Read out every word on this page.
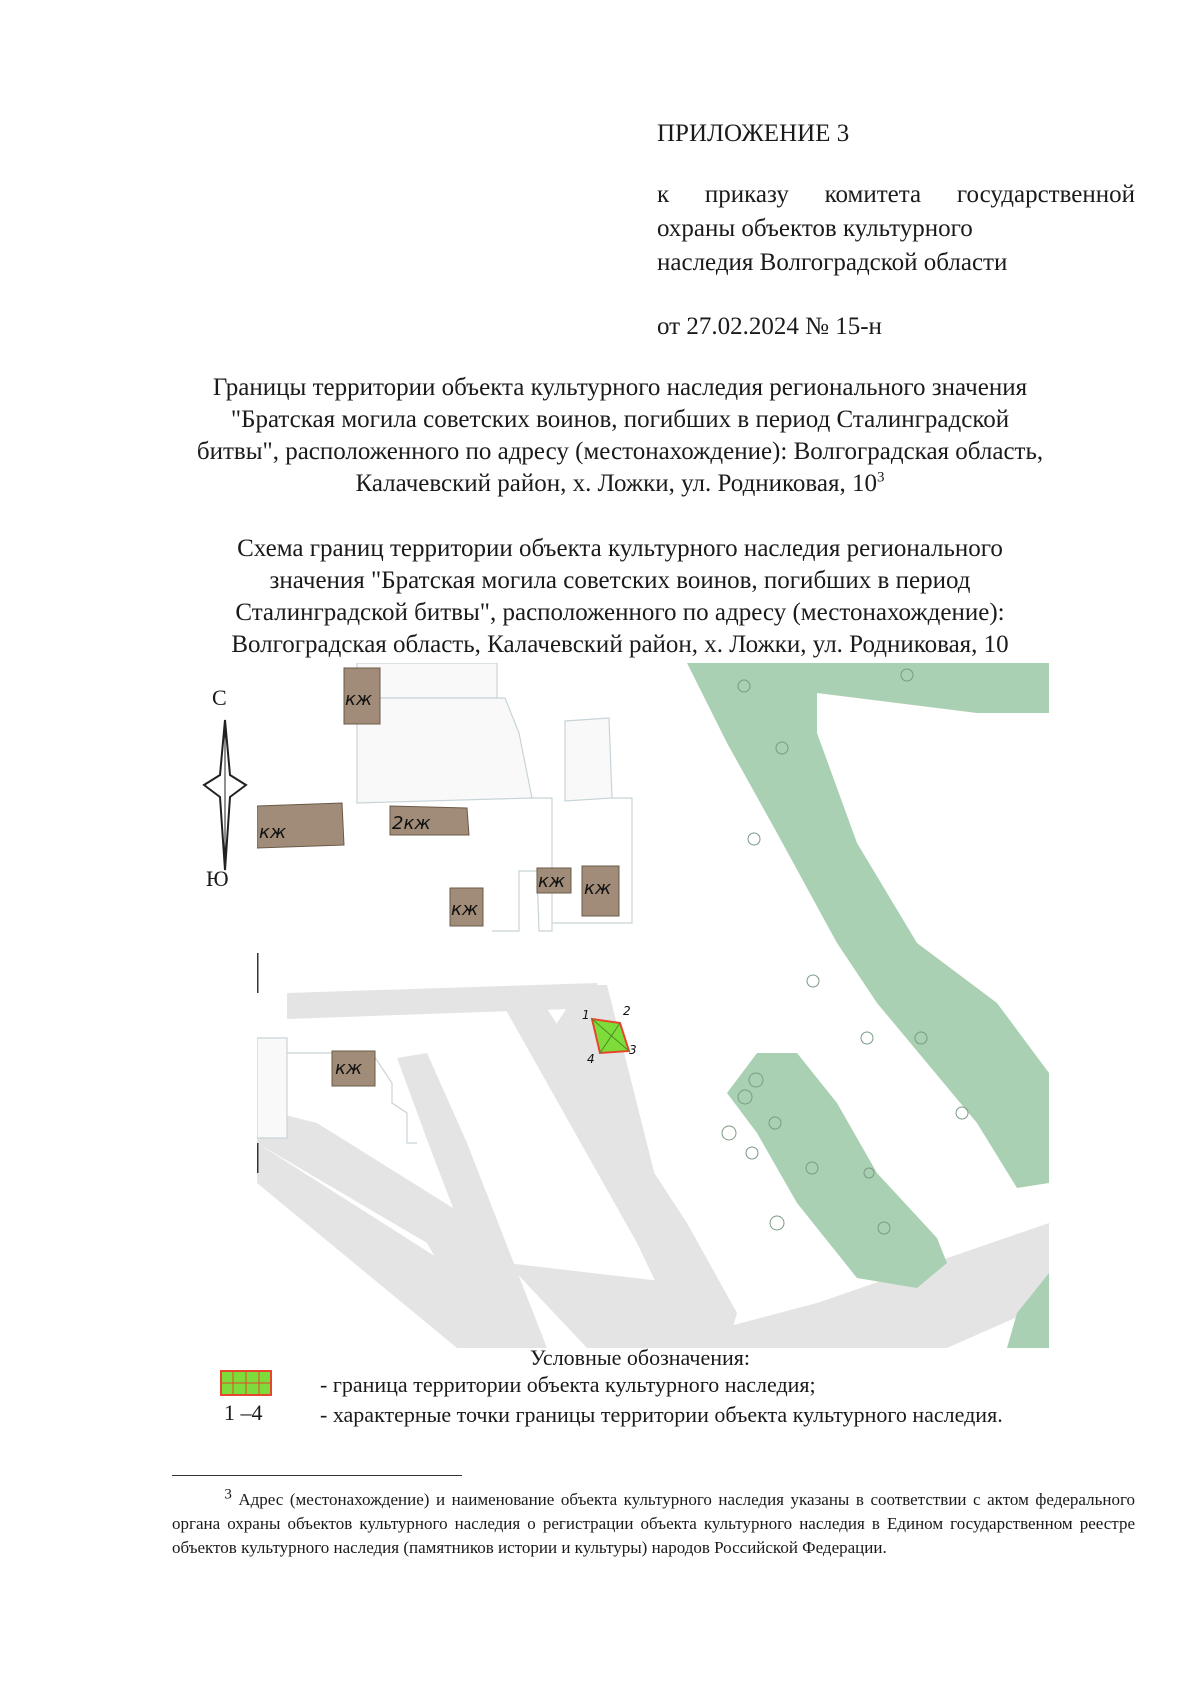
ПРИЛОЖЕНИЕ 3
к приказу комитета государственной
охраны объектов культурного
наследия Волгоградской области
от 27.02.2024 № 15-н
Границы территории объекта культурного наследия регионального значения
"Братская могила советских воинов, погибших в период Сталинградской
битвы", расположенного по адресу (местонахождение): Волгоградская область,
Калачевский район, х. Ложки, ул. Родниковая, $10^3$
Схема границ территории объекта культурного наследия регионального
значения "Братская могила советских воинов, погибших в период
Сталинградской битвы", расположенного по адресу (местонахождение):
Волгоградская область, Калачевский район, х. Ложки, ул. Родниковая, 10
С
Ю
кж
кж	2кж
кж
кж кж
кж
1	2
3
4
Условные обозначения:
- граница территории объекта культурного наследия;
1 –4	- характерные точки границы территории объекта культурного наследия.
3 Адрес (местонахождение) и наименование объекта культурного наследия указаны в соответствии с актом федерального органа охраны объектов культурного наследия о регистрации объекта культурного наследия в Едином государственном реестре объектов культурного наследия (памятников истории и культуры) народов Российской Федерации.
